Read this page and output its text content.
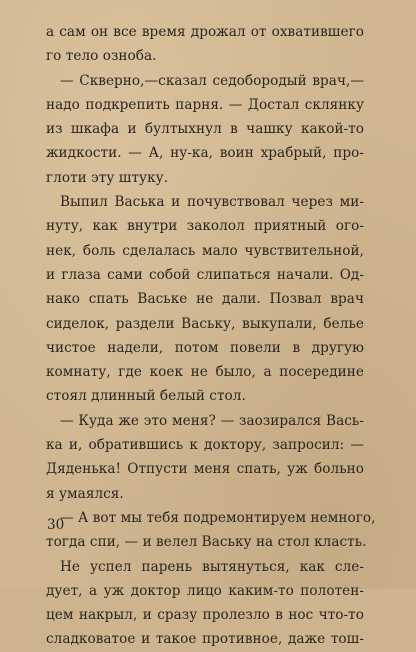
а сам он все время дрожал от охватившего
го тело озноба.
— Скверно,—сказал седобородый врач,—
надо подкрепить парня. — Достал склянку
из шкафа и бултыхнул в чашку какой-то
жидкости. — А, ну-ка, воин храбрый, про-
глоти эту штуку.
Выпил Васька и почувствовал через ми-
нуту, как внутри заколол приятный ого-
нек, боль сделалась мало чувствительной,
и глаза сами собой слипаться начали. Од-
нако спать Ваське не дали. Позвал врач
сиделок, раздели Ваську, выкупали, белье
чистое надели, потом повели в другую
комнату, где коек не было, а посередине
стоял длинный белый стол.
— Куда же это меня? — заозирался Вась-
ка и, обратившись к доктору, запросил: —
Дяденька! Отпусти меня спать, уж больно
я умаялся.
— А вот мы тебя подремонтируем немного,
тогда спи, — и велел Ваську на стол класть.
Не успел парень вытянуться, как сле-
дует, а уж доктор лицо каким-то полотен-
цем накрыл, и сразу пролезло в нос что-то
сладковатое и такое противное, даже тош-
30
